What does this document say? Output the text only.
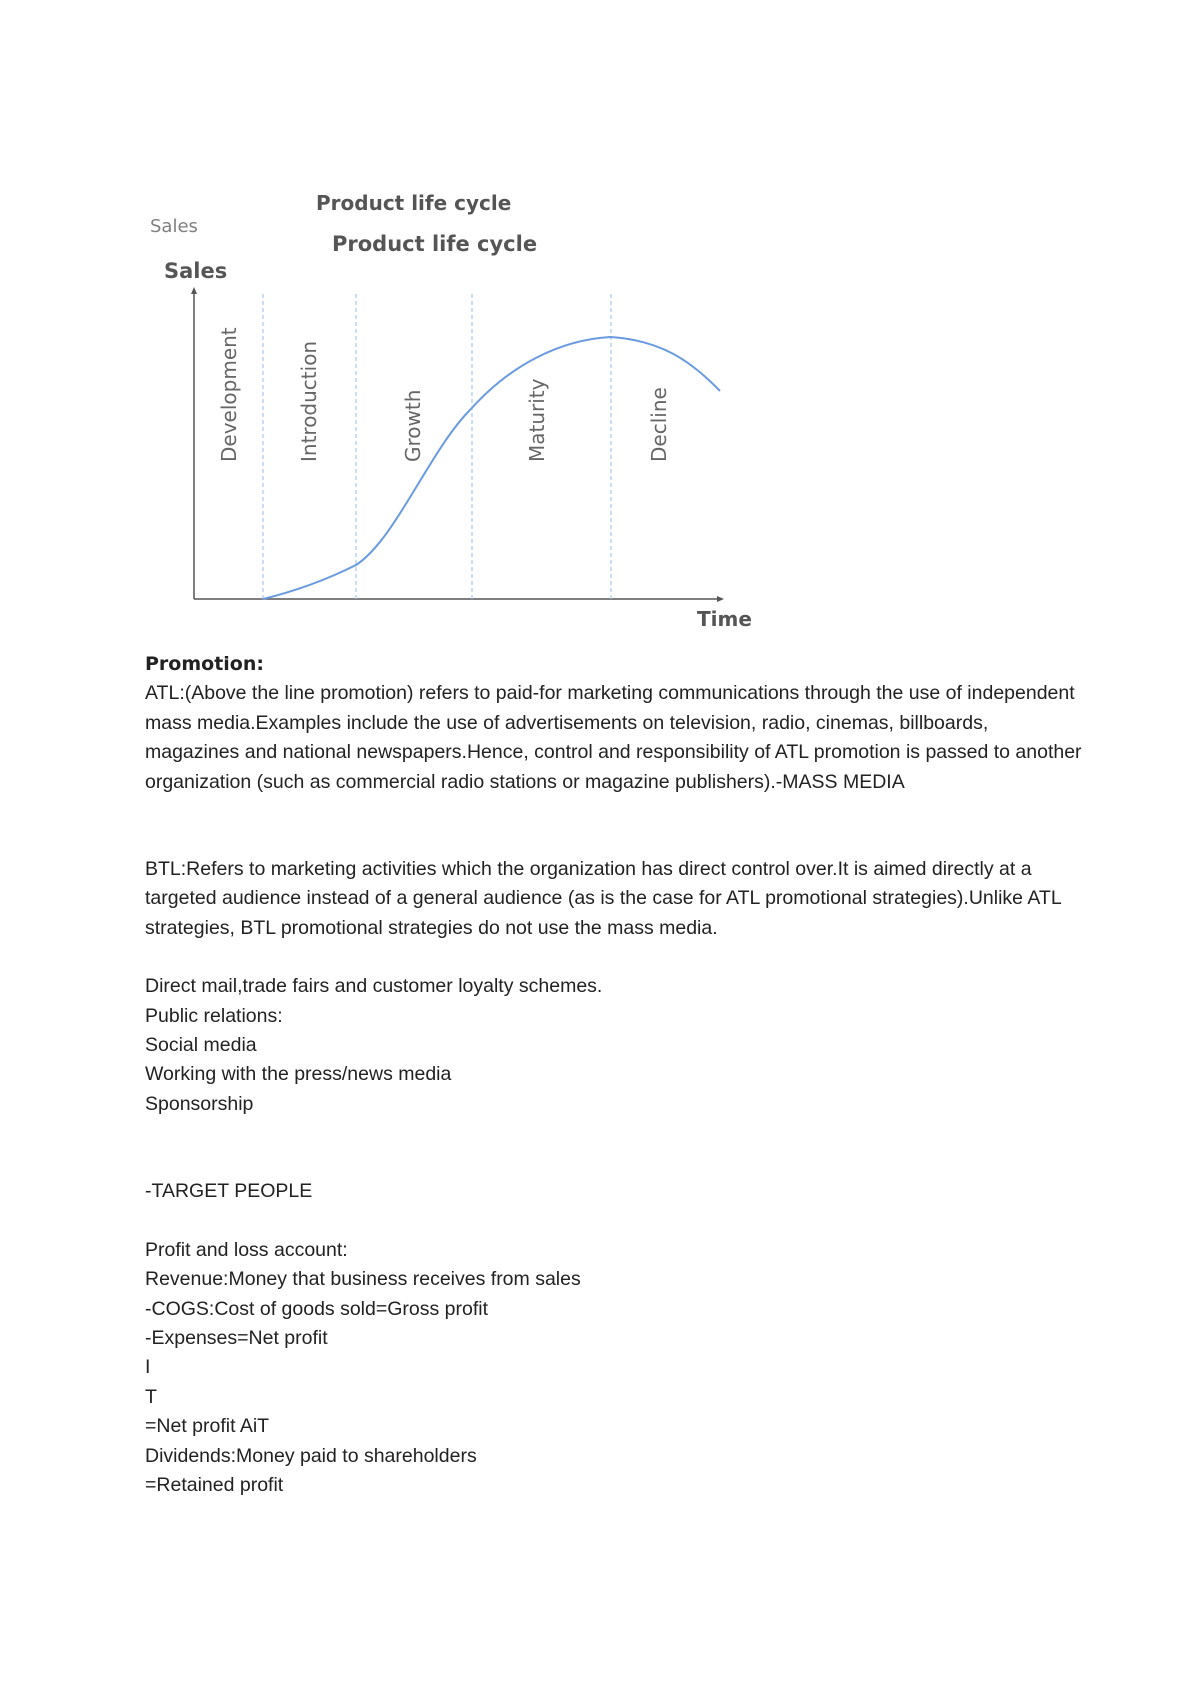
Sales
Product life cycle
Product life cycle
Sales
Time
Development	Introduction	Growth	Maturity	Decline

Promotion:

ATL:(Above the line promotion) refers to paid-for marketing communications through the use of independent mass media.Examples include the use of advertisements on television, radio, cinemas, billboards, magazines and national newspapers.Hence, control and responsibility of ATL promotion is passed to another organization (such as commercial radio stations or magazine publishers).-MASS MEDIA

BTL:Refers to marketing activities which the organization has direct control over.It is aimed directly at a targeted audience instead of a general audience (as is the case for ATL promotional strategies).Unlike ATL strategies, BTL promotional strategies do not use the mass media.

Direct mail,trade fairs and customer loyalty schemes.

Public relations:

Social media

Working with the press/news media

Sponsorship

-TARGET PEOPLE

Profit and loss account:

Revenue:Money that business receives from sales

-COGS:Cost of goods sold=Gross profit

-Expenses=Net profit

I

T

=Net profit AiT

Dividends:Money paid to shareholders

=Retained profit
